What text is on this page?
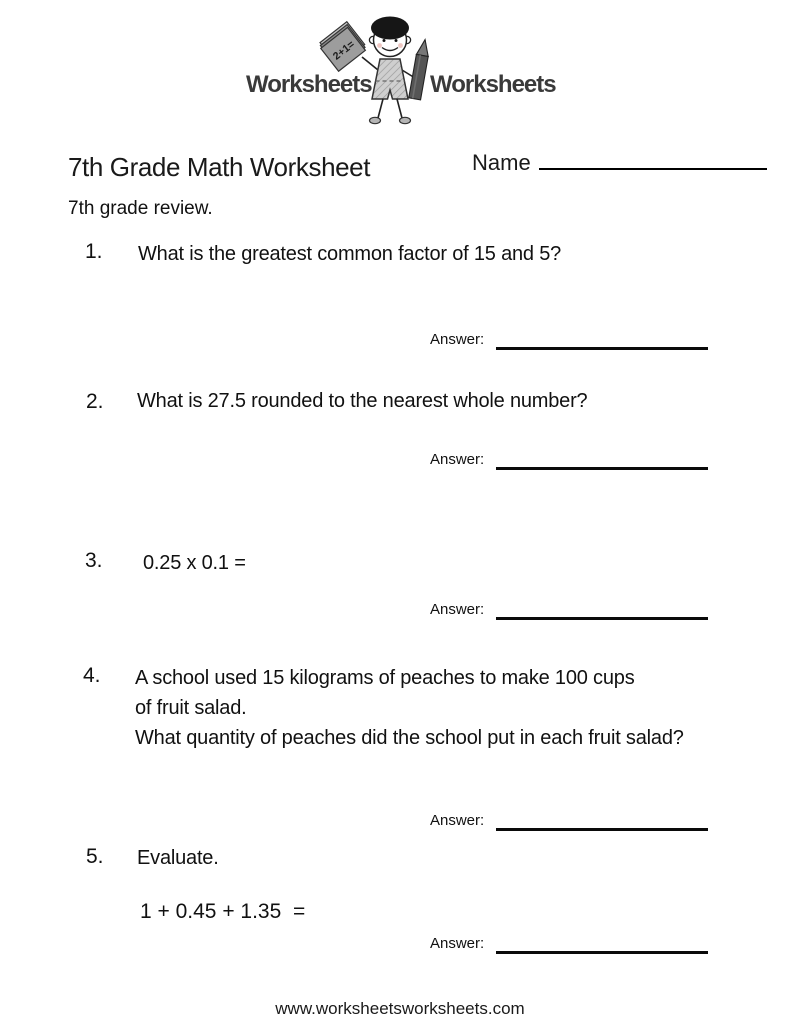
Worksheets
2+1=
Worksheets
7th Grade Math Worksheet	Name
7th grade review.
1. What is the greatest common factor of 15 and 5?
Answer:
2. What is 27.5 rounded to the nearest whole number?
Answer:
3. 0.25 x 0.1 =
Answer:
4. A school used 15 kilograms of peaches to make 100 cups
of fruit salad.
What quantity of peaches did the school put in each fruit salad?
Answer:
5. Evaluate.
1 + 0.45 + 1.35  =
Answer:
www.worksheetsworksheets.com
